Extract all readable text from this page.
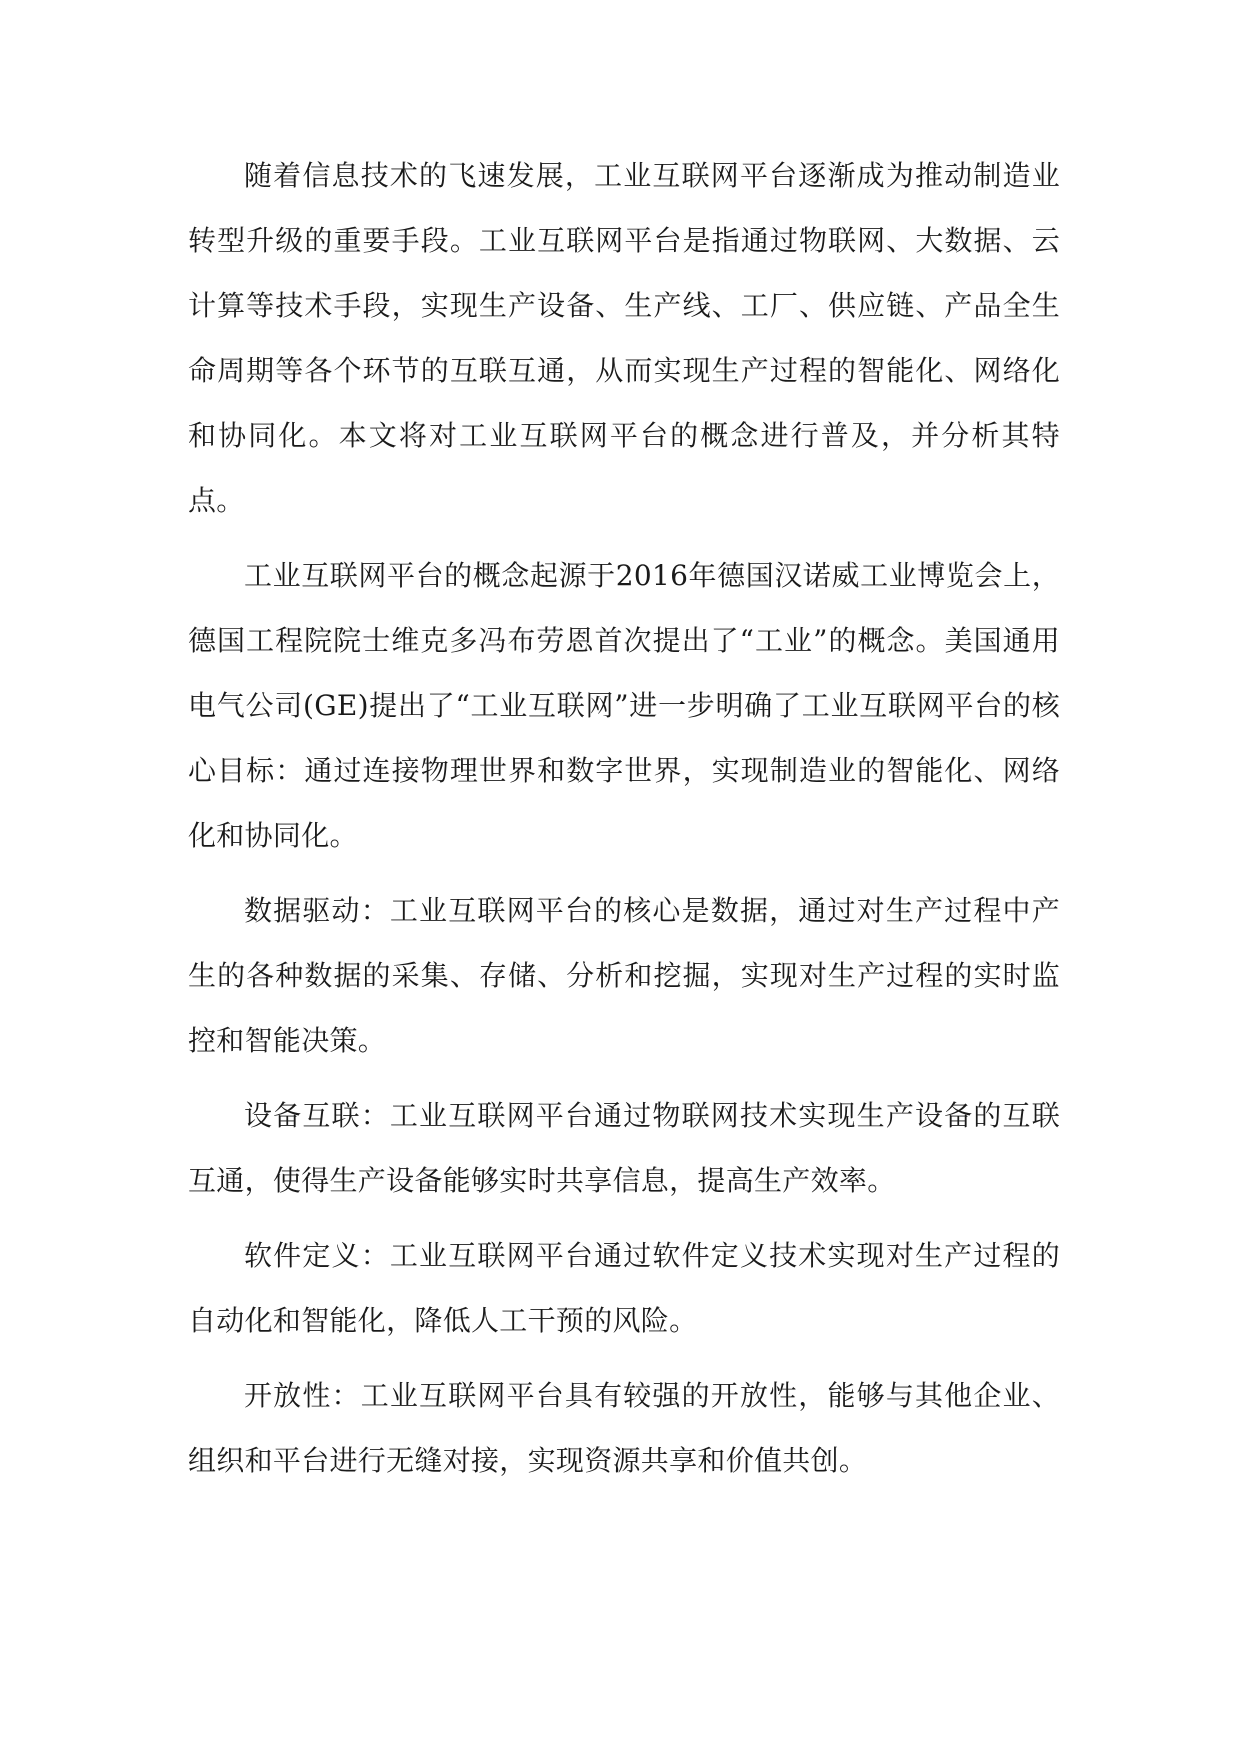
随着信息技术的飞速发展，工业互联网平台逐渐成为推动制造业转型升级的重要手段。工业互联网平台是指通过物联网、大数据、云计算等技术手段，实现生产设备、生产线、工厂、供应链、产品全生命周期等各个环节的互联互通，从而实现生产过程的智能化、网络化和协同化。本文将对工业互联网平台的概念进行普及，并分析其特点。

工业互联网平台的概念起源于2016年德国汉诺威工业博览会上，德国工程院院士维克多冯布劳恩首次提出了“工业”的概念。美国通用电气公司(GE)提出了“工业互联网”进一步明确了工业互联网平台的核心目标：通过连接物理世界和数字世界，实现制造业的智能化、网络化和协同化。

数据驱动：工业互联网平台的核心是数据，通过对生产过程中产生的各种数据的采集、存储、分析和挖掘，实现对生产过程的实时监控和智能决策。

设备互联：工业互联网平台通过物联网技术实现生产设备的互联互通，使得生产设备能够实时共享信息，提高生产效率。

软件定义：工业互联网平台通过软件定义技术实现对生产过程的自动化和智能化，降低人工干预的风险。

开放性：工业互联网平台具有较强的开放性，能够与其他企业、组织和平台进行无缝对接，实现资源共享和价值共创。
